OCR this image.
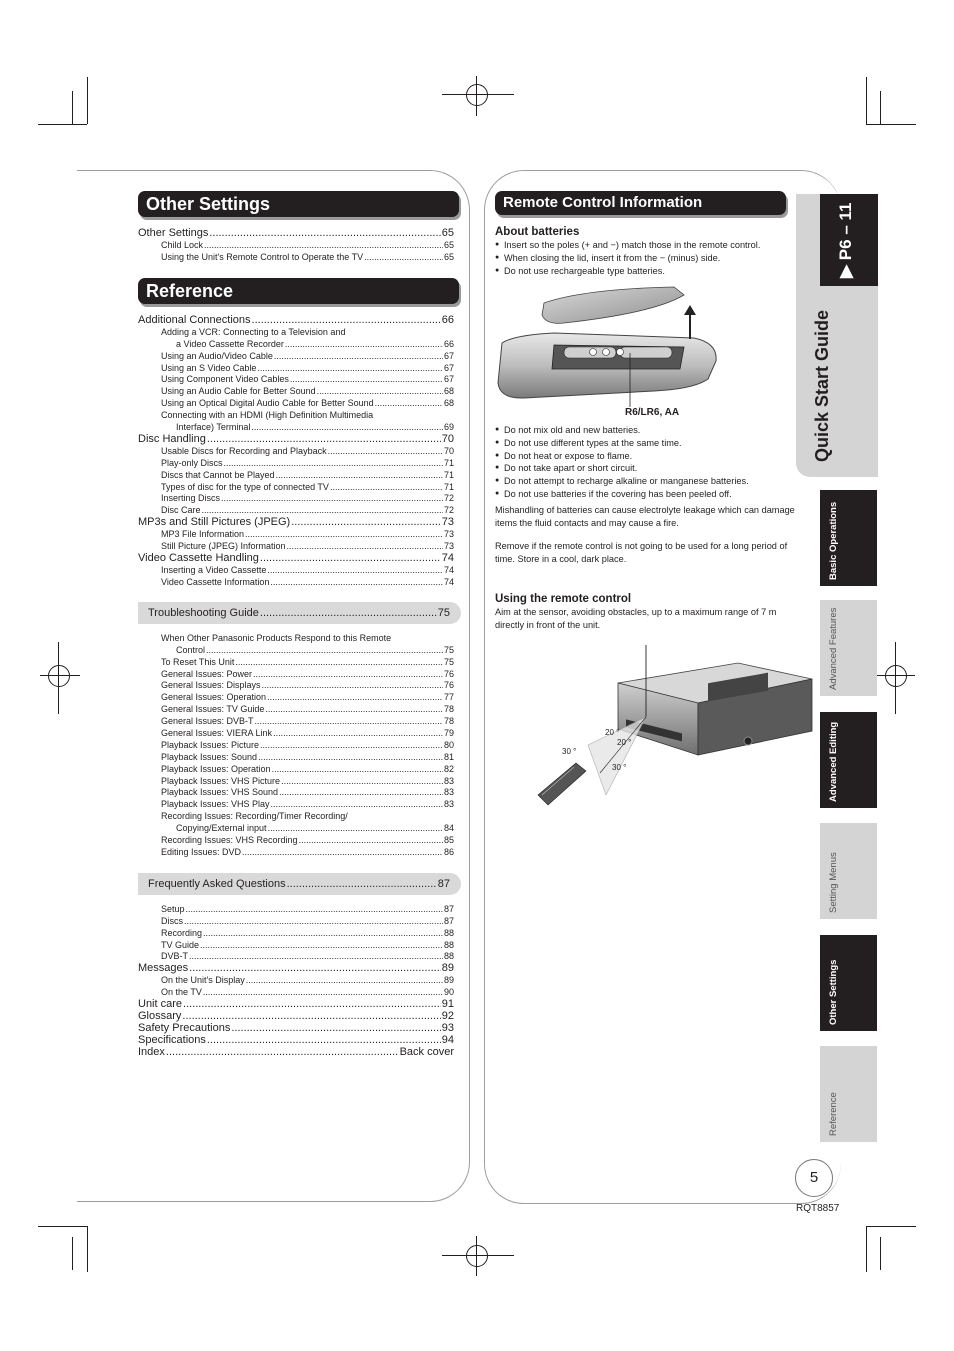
Other Settings
Other Settings .....	65
Child Lock .....	65
Using the Unit's Remote Control to Operate the TV .....	65
Reference
Additional Connections .....	66
Adding a VCR: Connecting to a Television and
a Video Cassette Recorder .....	66
Using an Audio/Video Cable .....	67
Using an S Video Cable .....	67
Using Component Video Cables .....	67
Using an Audio Cable for Better Sound .....	68
Using an Optical Digital Audio Cable for Better Sound .....	68
Connecting with an HDMI (High Definition Multimedia
Interface) Terminal .....	69
Disc Handling .....	70
Usable Discs for Recording and Playback .....	70
Play-only Discs .....	71
Discs that Cannot be Played .....	71
Types of disc for the type of connected TV .....	71
Inserting Discs .....	72
Disc Care .....	72
MP3s and Still Pictures (JPEG) .....	73
MP3 File Information .....	73
Still Picture (JPEG) Information .....	73
Video Cassette Handling .....	74
Inserting a Video Cassette .....	74
Video Cassette Information .....	74
Troubleshooting Guide .....	75
When Other Panasonic Products Respond to this Remote
Control .....	75
To Reset This Unit .....	75
General Issues: Power .....	76
General Issues: Displays .....	76
General Issues: Operation .....	77
General Issues: TV Guide .....	78
General Issues: DVB-T .....	78
General Issues: VIERA Link .....	79
Playback Issues: Picture .....	80
Playback Issues: Sound .....	81
Playback Issues: Operation .....	82
Playback Issues: VHS Picture .....	83
Playback Issues: VHS Sound .....	83
Playback Issues: VHS Play .....	83
Recording Issues: Recording/Timer Recording/
Copying/External input .....	84
Recording Issues: VHS Recording .....	85
Editing Issues: DVD .....	86
Frequently Asked Questions .....	87
Setup .....	87
Discs .....	87
Recording .....	88
TV Guide .....	88
DVB-T .....	88
Messages .....	89
On the Unit's Display .....	89
On the TV .....	90
Unit care .....	91
Glossary .....	92
Safety Precautions .....	93
Specifications .....	94
Index .....	Back cover
Remote Control Information
About batteries
● Insert so the poles (+ and −) match those in the remote control.
● When closing the lid, insert it from the − (minus) side.
● Do not use rechargeable type batteries.
R6/LR6, AA
● Do not mix old and new batteries.
● Do not use different types at the same time.
● Do not heat or expose to flame.
● Do not take apart or short circuit.
● Do not attempt to recharge alkaline or manganese batteries.
● Do not use batteries if the covering has been peeled off.
Mishandling of batteries can cause electrolyte leakage which can damage items the fluid contacts and may cause a fire.
Remove if the remote control is not going to be used for a long period of time. Store in a cool, dark place.
Using the remote control
Aim at the sensor, avoiding obstacles, up to a maximum range of 7 m directly in front of the unit.
20 °
20 °
30 °
30 °
Quick Start Guide
▶ P6 – 11
Basic Operations
Advanced Features
Advanced Editing
Setting Menus
Other Settings
Reference
5
RQT8857
